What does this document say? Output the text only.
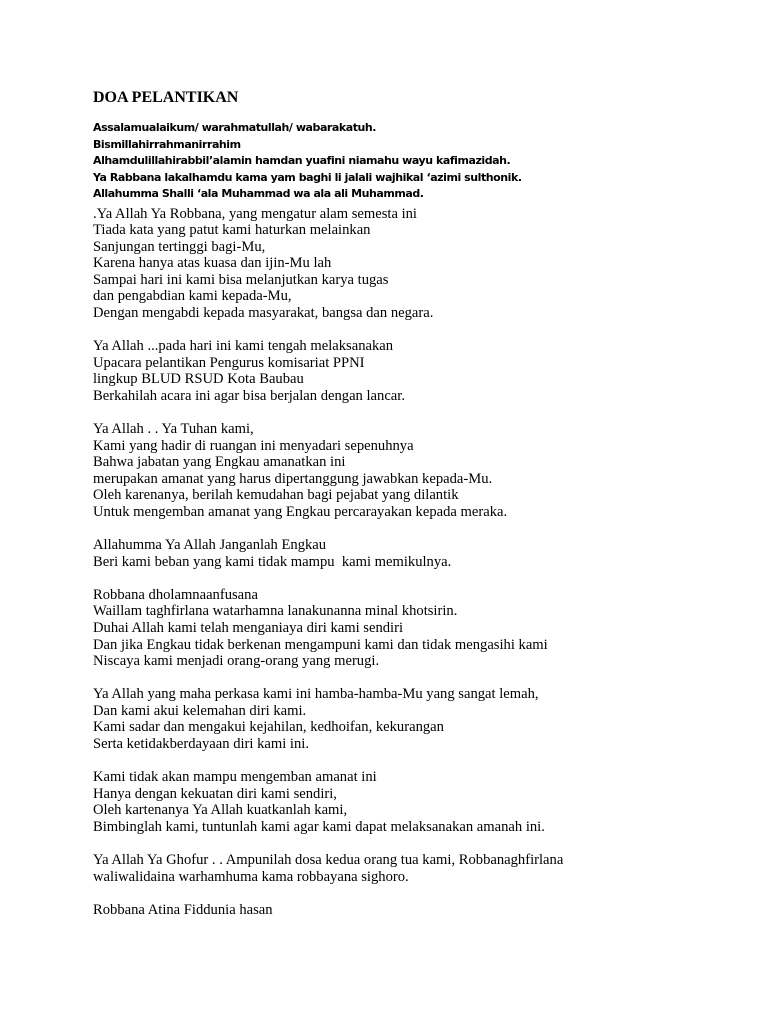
DOA PELANTIKAN
Assalamualaikum/ warahmatullah/ wabarakatuh.
Bismillahirrahmanirrahim
Alhamdulillahirabbil’alamin hamdan yuafini niamahu wayu kafimazidah.
Ya Rabbana lakalhamdu kama yam baghi li jalali wajhikal ‘azimi sulthonik.
Allahumma Shalli ‘ala Muhammad wa ala ali Muhammad.
.Ya Allah Ya Robbana, yang mengatur alam semesta ini
Tiada kata yang patut kami haturkan melainkan
Sanjungan tertinggi bagi-Mu,
Karena hanya atas kuasa dan ijin-Mu lah
Sampai hari ini kami bisa melanjutkan karya tugas
dan pengabdian kami kepada-Mu,
Dengan mengabdi kepada masyarakat, bangsa dan negara.
Ya Allah ...pada hari ini kami tengah melaksanakan
Upacara pelantikan Pengurus komisariat PPNI
lingkup BLUD RSUD Kota Baubau
Berkahilah acara ini agar bisa berjalan dengan lancar.
Ya Allah . . Ya Tuhan kami,
Kami yang hadir di ruangan ini menyadari sepenuhnya
Bahwa jabatan yang Engkau amanatkan ini
merupakan amanat yang harus dipertanggung jawabkan kepada-Mu.
Oleh karenanya, berilah kemudahan bagi pejabat yang dilantik
Untuk mengemban amanat yang Engkau percarayakan kepada meraka.
Allahumma Ya Allah Janganlah Engkau
Beri kami beban yang kami tidak mampu  kami memikulnya.
Robbana dholamnaanfusana
Waillam taghfirlana watarhamna lanakunanna minal khotsirin.
Duhai Allah kami telah menganiaya diri kami sendiri
Dan jika Engkau tidak berkenan mengampuni kami dan tidak mengasihi kami
Niscaya kami menjadi orang-orang yang merugi.
Ya Allah yang maha perkasa kami ini hamba-hamba-Mu yang sangat lemah,
Dan kami akui kelemahan diri kami.
Kami sadar dan mengakui kejahilan, kedhoifan, kekurangan
Serta ketidakberdayaan diri kami ini.
Kami tidak akan mampu mengemban amanat ini
Hanya dengan kekuatan diri kami sendiri,
Oleh kartenanya Ya Allah kuatkanlah kami,
Bimbinglah kami, tuntunlah kami agar kami dapat melaksanakan amanah ini.
Ya Allah Ya Ghofur . . Ampunilah dosa kedua orang tua kami, Robbanaghfirlana
waliwalidaina warhamhuma kama robbayana sighoro.
Robbana Atina Fiddunia hasan
